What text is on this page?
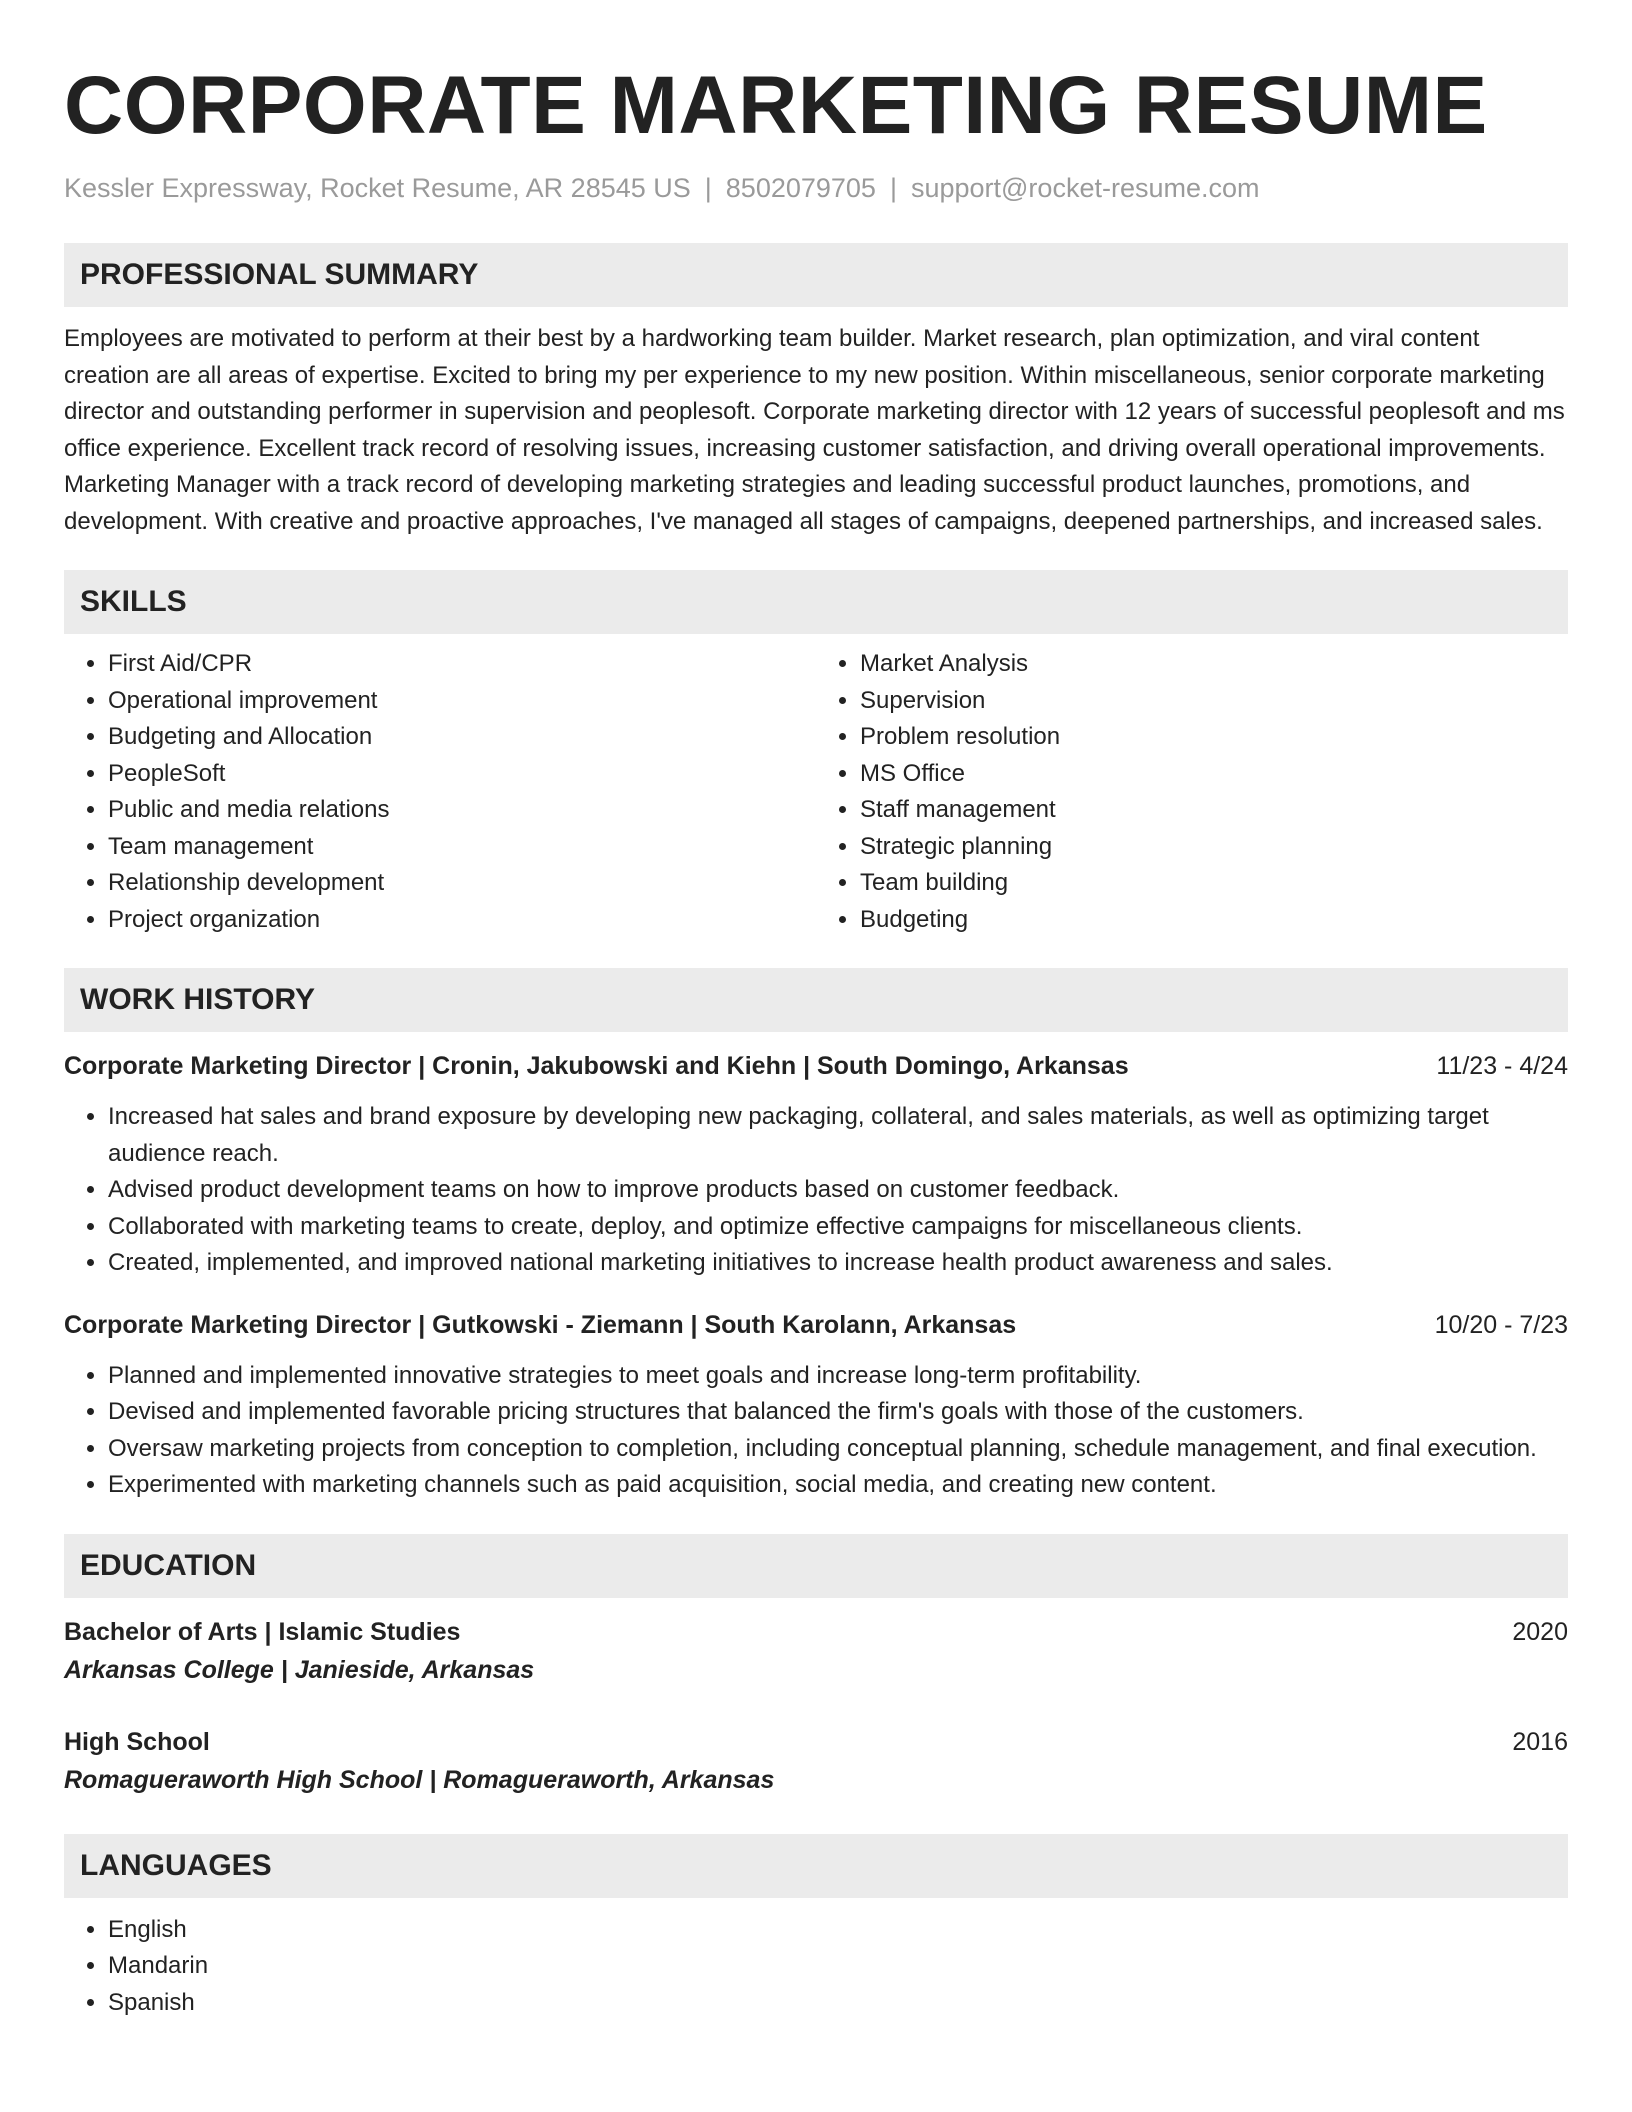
CORPORATE MARKETING RESUME
Kessler Expressway, Rocket Resume, AR 28545 US | 8502079705 | support@rocket-resume.com
PROFESSIONAL SUMMARY

Employees are motivated to perform at their best by a hardworking team builder. Market research, plan optimization, and viral content creation are all areas of expertise. Excited to bring my per experience to my new position. Within miscellaneous, senior corporate marketing director and outstanding performer in supervision and peoplesoft. Corporate marketing director with 12 years of successful peoplesoft and ms office experience. Excellent track record of resolving issues, increasing customer satisfaction, and driving overall operational improvements. Marketing Manager with a track record of developing marketing strategies and leading successful product launches, promotions, and development. With creative and proactive approaches, I've managed all stages of campaigns, deepened partnerships, and increased sales.

SKILLS
• First Aid/CPR
• Operational improvement
• Budgeting and Allocation
• PeopleSoft
• Public and media relations
• Team management
• Relationship development
• Project organization
• Market Analysis
• Supervision
• Problem resolution
• MS Office
• Staff management
• Strategic planning
• Team building
• Budgeting
WORK HISTORY
Corporate Marketing Director | Cronin, Jakubowski and Kiehn | South Domingo, Arkansas	11/23 - 4/24
• Increased hat sales and brand exposure by developing new packaging, collateral, and sales materials, as well as optimizing target audience reach.
• Advised product development teams on how to improve products based on customer feedback.
• Collaborated with marketing teams to create, deploy, and optimize effective campaigns for miscellaneous clients.
• Created, implemented, and improved national marketing initiatives to increase health product awareness and sales.
Corporate Marketing Director | Gutkowski - Ziemann | South Karolann, Arkansas	10/20 - 7/23
• Planned and implemented innovative strategies to meet goals and increase long-term profitability.
• Devised and implemented favorable pricing structures that balanced the firm's goals with those of the customers.
• Oversaw marketing projects from conception to completion, including conceptual planning, schedule management, and final execution.
• Experimented with marketing channels such as paid acquisition, social media, and creating new content.
EDUCATION
Bachelor of Arts | Islamic Studies	2020
Arkansas College | Janieside, Arkansas
High School	2016
Romagueraworth High School | Romagueraworth, Arkansas
LANGUAGES
• English
• Mandarin
• Spanish
